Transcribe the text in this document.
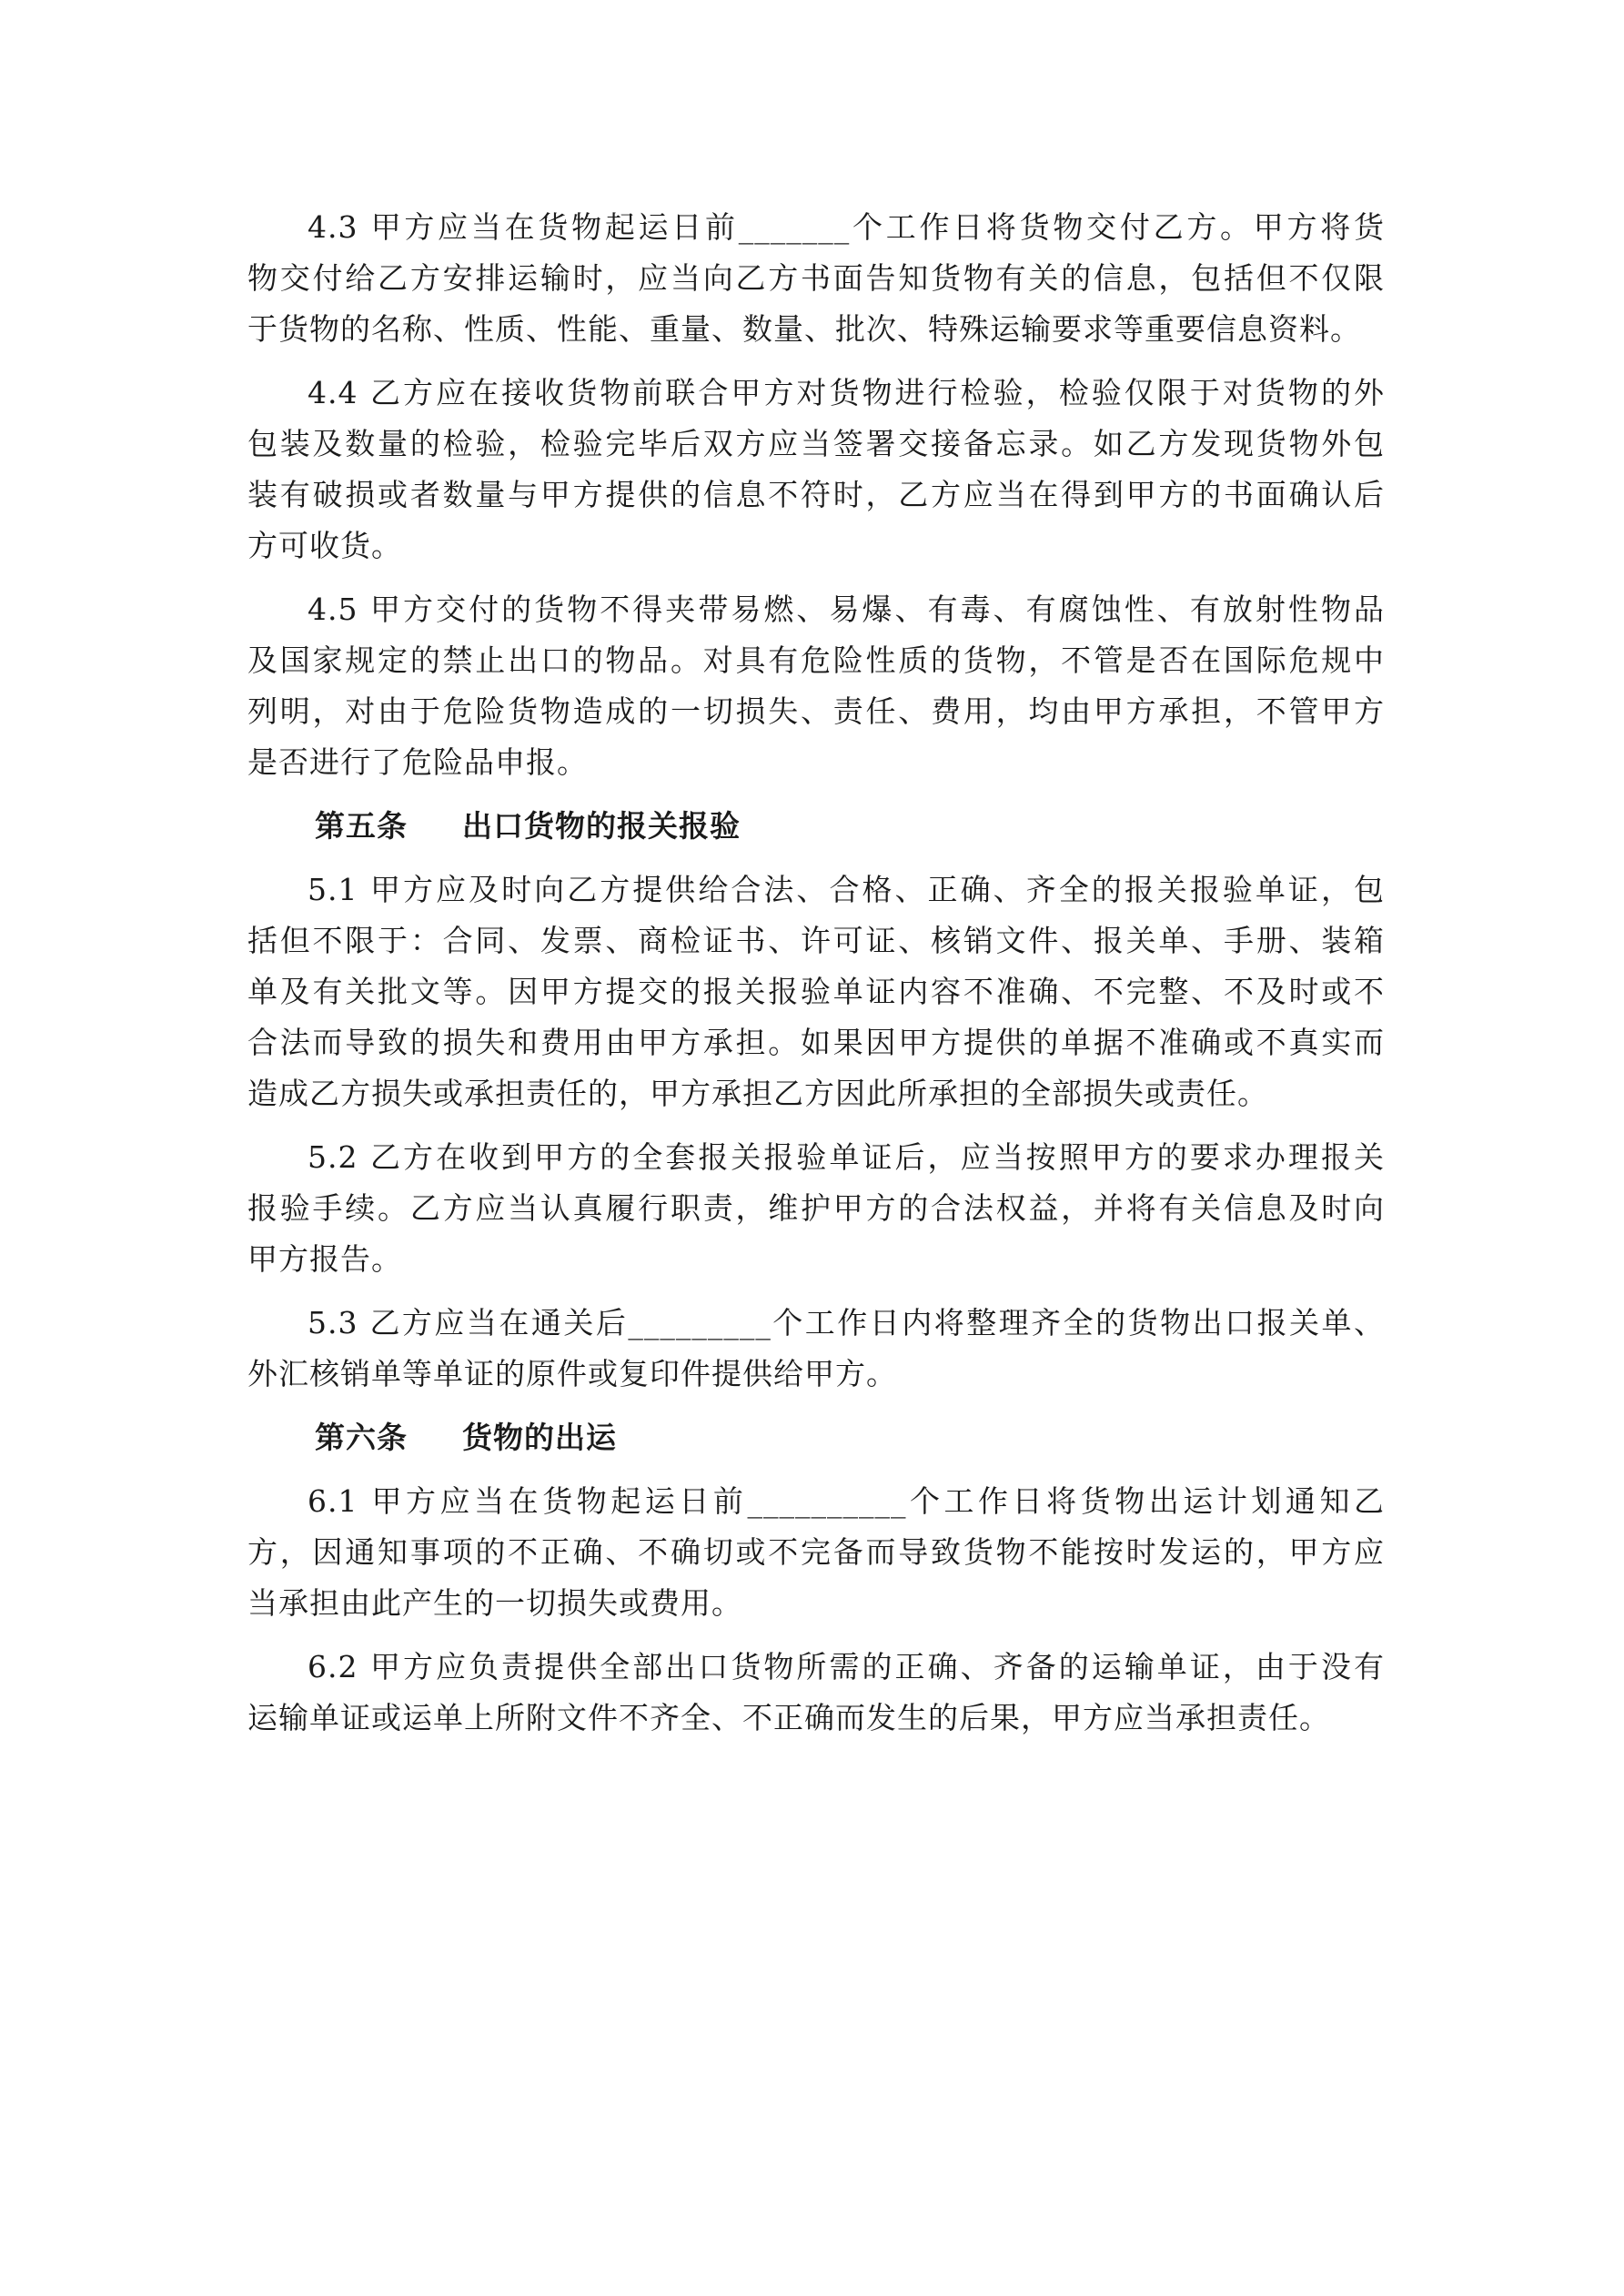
4.3 甲方应当在货物起运日前_______个工作日将货物交付乙方。甲方将货
物交付给乙方安排运输时，应当向乙方书面告知货物有关的信息，包括但不仅限
于货物的名称、性质、性能、重量、数量、批次、特殊运输要求等重要信息资料。
4.4 乙方应在接收货物前联合甲方对货物进行检验，检验仅限于对货物的外
包装及数量的检验，检验完毕后双方应当签署交接备忘录。如乙方发现货物外包
装有破损或者数量与甲方提供的信息不符时，乙方应当在得到甲方的书面确认后
方可收货。
4.5 甲方交付的货物不得夹带易燃、易爆、有毒、有腐蚀性、有放射性物品
及国家规定的禁止出口的物品。对具有危险性质的货物，不管是否在国际危规中
列明，对由于危险货物造成的一切损失、责任、费用，均由甲方承担，不管甲方
是否进行了危险品申报。
第五条 出口货物的报关报验
5.1 甲方应及时向乙方提供给合法、合格、正确、齐全的报关报验单证，包
括但不限于：合同、发票、商检证书、许可证、核销文件、报关单、手册、装箱
单及有关批文等。因甲方提交的报关报验单证内容不准确、不完整、不及时或不
合法而导致的损失和费用由甲方承担。如果因甲方提供的单据不准确或不真实而
造成乙方损失或承担责任的，甲方承担乙方因此所承担的全部损失或责任。
5.2 乙方在收到甲方的全套报关报验单证后，应当按照甲方的要求办理报关
报验手续。乙方应当认真履行职责，维护甲方的合法权益，并将有关信息及时向
甲方报告。
5.3 乙方应当在通关后_________个工作日内将整理齐全的货物出口报关单、
外汇核销单等单证的原件或复印件提供给甲方。
第六条 货物的出运
6.1 甲方应当在货物起运日前__________个工作日将货物出运计划通知乙
方，因通知事项的不正确、不确切或不完备而导致货物不能按时发运的，甲方应
当承担由此产生的一切损失或费用。
6.2 甲方应负责提供全部出口货物所需的正确、齐备的运输单证，由于没有
运输单证或运单上所附文件不齐全、不正确而发生的后果，甲方应当承担责任。
